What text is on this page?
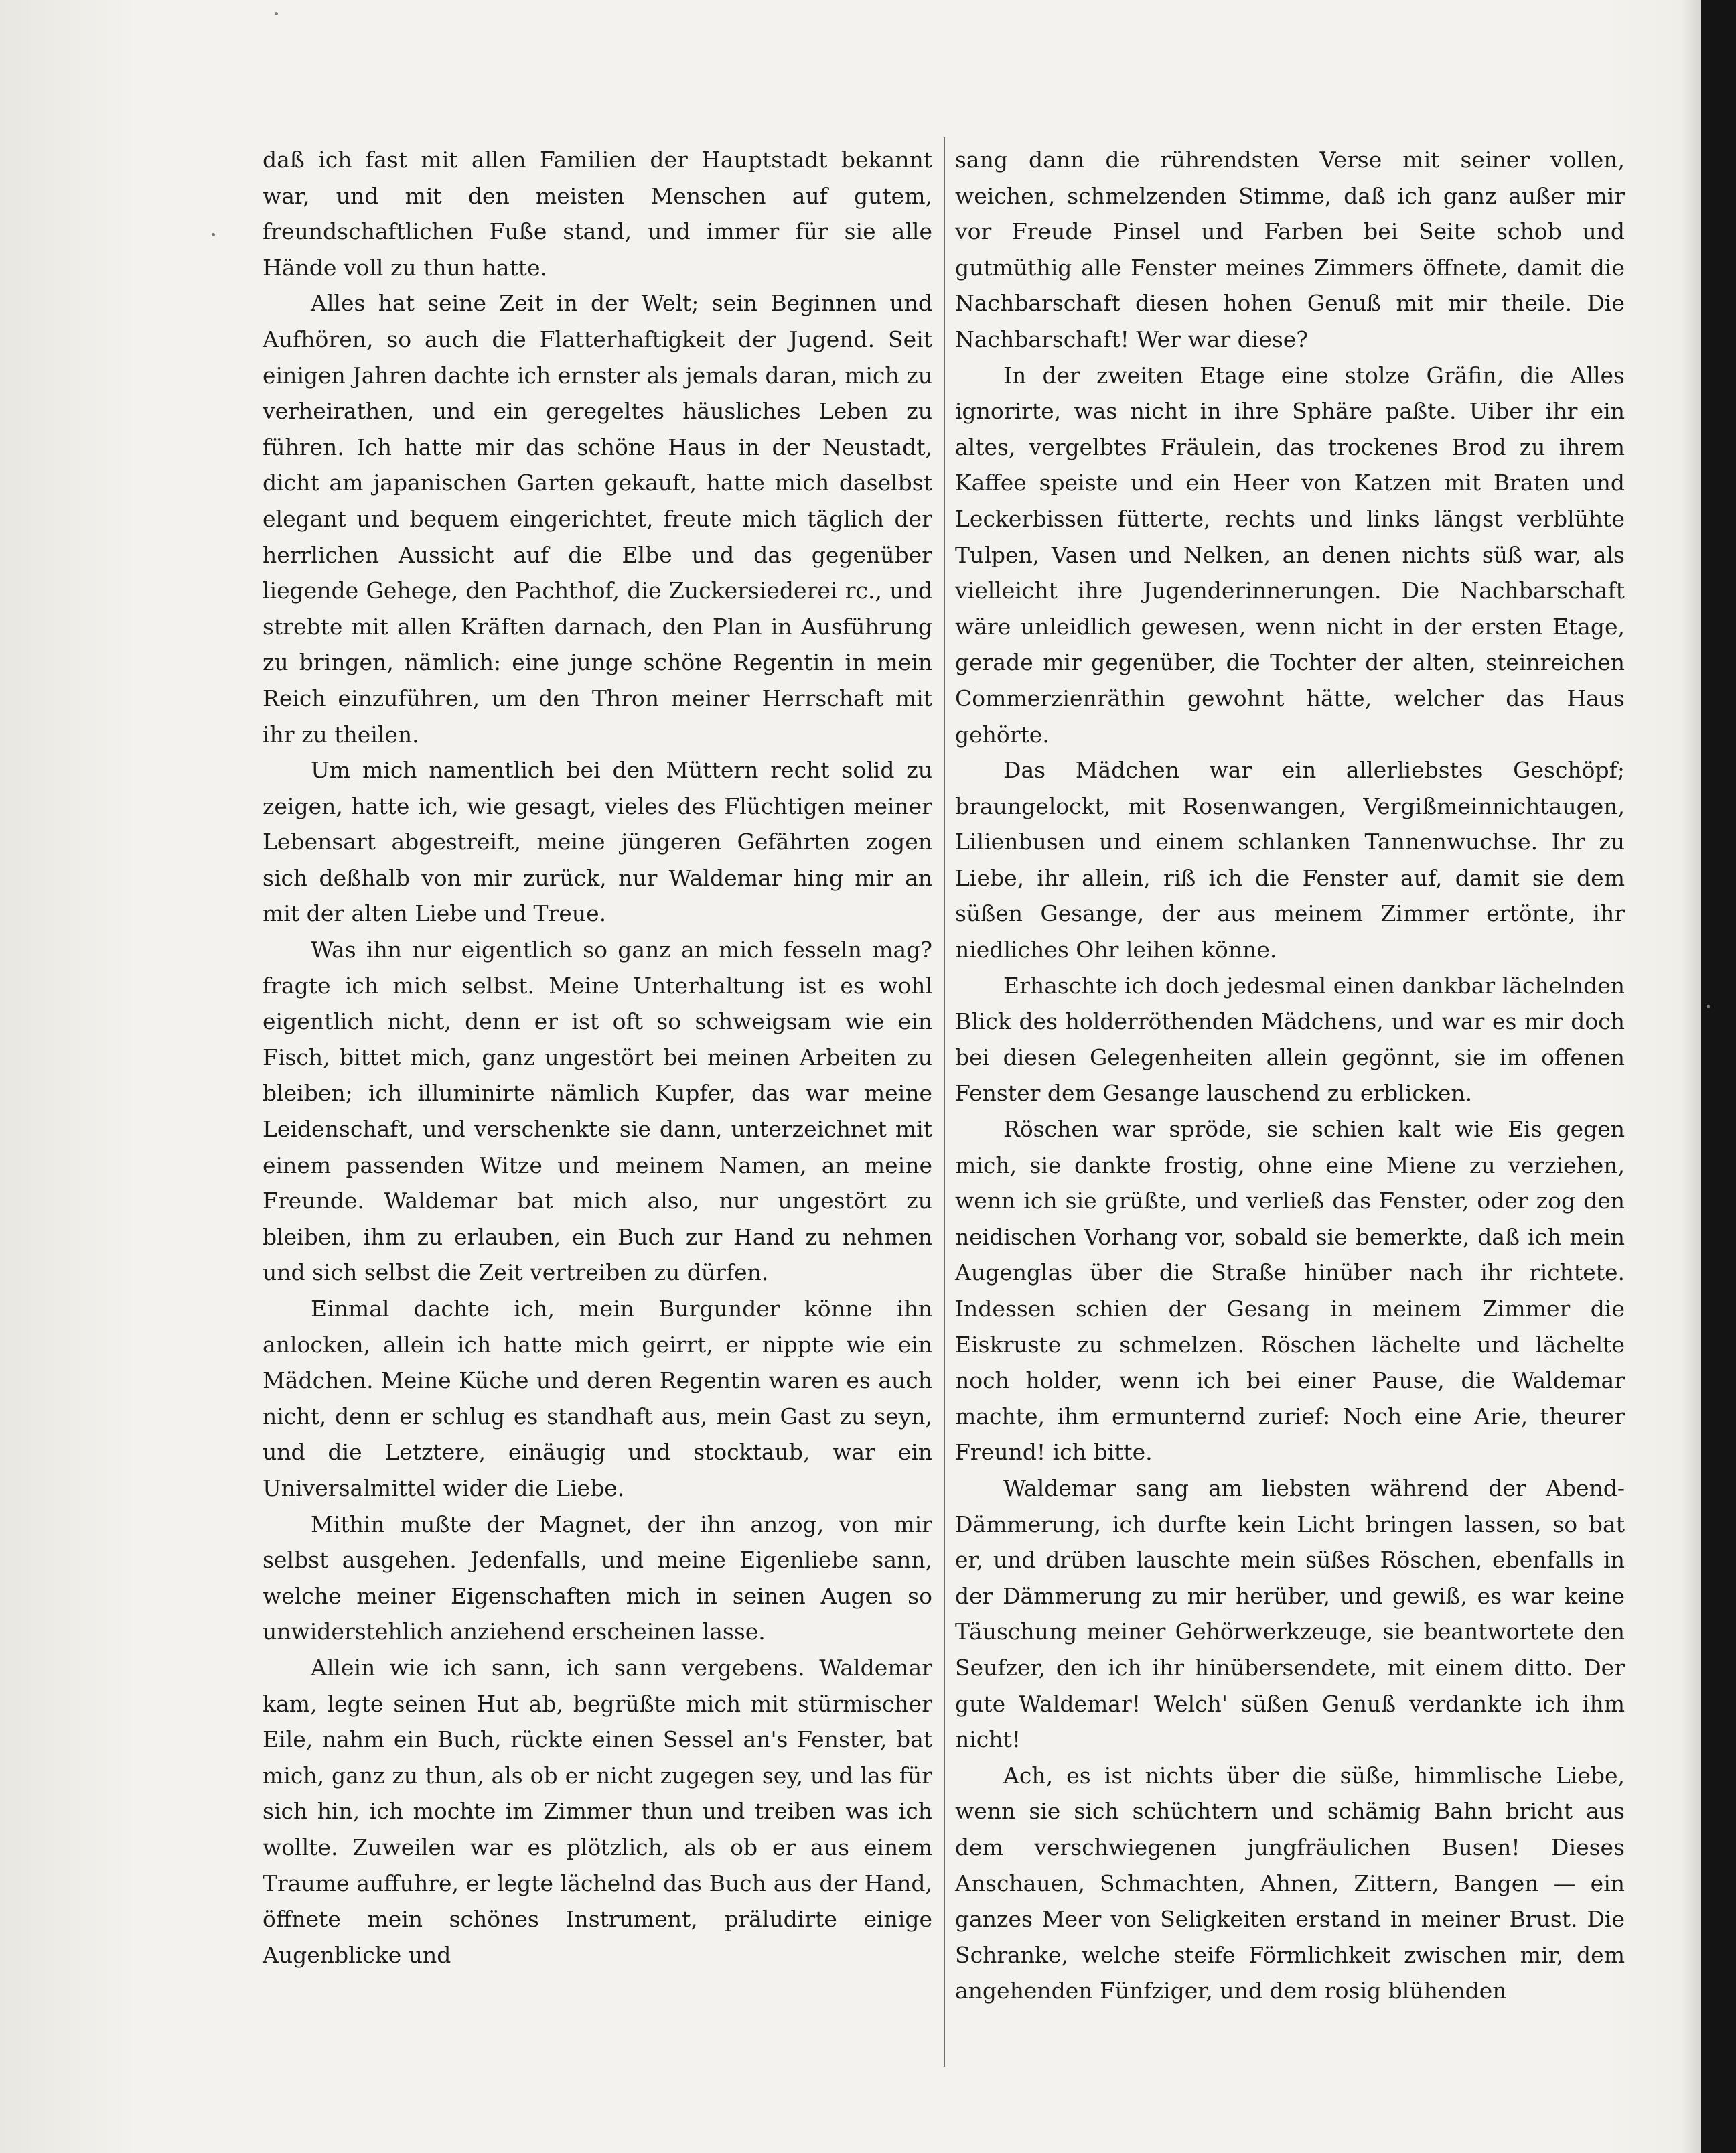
daß ich fast mit allen Familien der Hauptstadt bekannt war, und mit den meisten Menschen auf gutem, freundschaftlichen Fuße stand, und immer für sie alle Hände voll zu thun hatte.

Alles hat seine Zeit in der Welt; sein Beginnen und Aufhören, so auch die Flatterhaftigkeit der Jugend. Seit einigen Jahren dachte ich ernster als jemals daran, mich zu verheirathen, und ein geregeltes häusliches Leben zu führen. Ich hatte mir das schöne Haus in der Neustadt, dicht am japanischen Garten gekauft, hatte mich daselbst elegant und bequem eingerichtet, freute mich täglich der herrlichen Aussicht auf die Elbe und das gegenüber liegende Gehege, den Pachthof, die Zuckersiederei rc., und strebte mit allen Kräften darnach, den Plan in Ausführung zu bringen, nämlich: eine junge schöne Regentin in mein Reich einzuführen, um den Thron meiner Herrschaft mit ihr zu theilen.

Um mich namentlich bei den Müttern recht solid zu zeigen, hatte ich, wie gesagt, vieles des Flüchtigen meiner Lebensart abgestreift, meine jüngeren Gefährten zogen sich deßhalb von mir zurück, nur Waldemar hing mir an mit der alten Liebe und Treue.

Was ihn nur eigentlich so ganz an mich fesseln mag? fragte ich mich selbst. Meine Unterhaltung ist es wohl eigentlich nicht, denn er ist oft so schweigsam wie ein Fisch, bittet mich, ganz ungestört bei meinen Arbeiten zu bleiben; ich illuminirte nämlich Kupfer, das war meine Leidenschaft, und verschenkte sie dann, unterzeichnet mit einem passenden Witze und meinem Namen, an meine Freunde. Waldemar bat mich also, nur ungestört zu bleiben, ihm zu erlauben, ein Buch zur Hand zu nehmen und sich selbst die Zeit vertreiben zu dürfen.

Einmal dachte ich, mein Burgunder könne ihn anlocken, allein ich hatte mich geirrt, er nippte wie ein Mädchen. Meine Küche und deren Regentin waren es auch nicht, denn er schlug es standhaft aus, mein Gast zu seyn, und die Letztere, einäugig und stocktaub, war ein Universalmittel wider die Liebe.

Mithin mußte der Magnet, der ihn anzog, von mir selbst ausgehen. Jedenfalls, und meine Eigenliebe sann, welche meiner Eigenschaften mich in seinen Augen so unwiderstehlich anziehend erscheinen lasse.

Allein wie ich sann, ich sann vergebens. Waldemar kam, legte seinen Hut ab, begrüßte mich mit stürmischer Eile, nahm ein Buch, rückte einen Sessel an's Fenster, bat mich, ganz zu thun, als ob er nicht zugegen sey, und las für sich hin, ich mochte im Zimmer thun und treiben was ich wollte. Zuweilen war es plötzlich, als ob er aus einem Traume auffuhre, er legte lächelnd das Buch aus der Hand, öffnete mein schönes Instrument, präludirte einige Augenblicke und

sang dann die rührendsten Verse mit seiner vollen, weichen, schmelzenden Stimme, daß ich ganz außer mir vor Freude Pinsel und Farben bei Seite schob und gutmüthig alle Fenster meines Zimmers öffnete, damit die Nachbarschaft diesen hohen Genuß mit mir theile. Die Nachbarschaft! Wer war diese?

In der zweiten Etage eine stolze Gräfin, die Alles ignorirte, was nicht in ihre Sphäre paßte. Uiber ihr ein altes, vergelbtes Fräulein, das trockenes Brod zu ihrem Kaffee speiste und ein Heer von Katzen mit Braten und Leckerbissen fütterte, rechts und links längst verblühte Tulpen, Vasen und Nelken, an denen nichts süß war, als vielleicht ihre Jugenderinnerungen. Die Nachbarschaft wäre unleidlich gewesen, wenn nicht in der ersten Etage, gerade mir gegenüber, die Tochter der alten, steinreichen Commerzienräthin gewohnt hätte, welcher das Haus gehörte.

Das Mädchen war ein allerliebstes Geschöpf; braungelockt, mit Rosenwangen, Vergißmeinnichtaugen, Lilienbusen und einem schlanken Tannenwuchse. Ihr zu Liebe, ihr allein, riß ich die Fenster auf, damit sie dem süßen Gesange, der aus meinem Zimmer ertönte, ihr niedliches Ohr leihen könne.

Erhaschte ich doch jedesmal einen dankbar lächelnden Blick des holderröthenden Mädchens, und war es mir doch bei diesen Gelegenheiten allein gegönnt, sie im offenen Fenster dem Gesange lauschend zu erblicken.

Röschen war spröde, sie schien kalt wie Eis gegen mich, sie dankte frostig, ohne eine Miene zu verziehen, wenn ich sie grüßte, und verließ das Fenster, oder zog den neidischen Vorhang vor, sobald sie bemerkte, daß ich mein Augenglas über die Straße hinüber nach ihr richtete. Indessen schien der Gesang in meinem Zimmer die Eiskruste zu schmelzen. Röschen lächelte und lächelte noch holder, wenn ich bei einer Pause, die Waldemar machte, ihm ermunternd zurief: Noch eine Arie, theurer Freund! ich bitte.

Waldemar sang am liebsten während der Abend-Dämmerung, ich durfte kein Licht bringen lassen, so bat er, und drüben lauschte mein süßes Röschen, ebenfalls in der Dämmerung zu mir herüber, und gewiß, es war keine Täuschung meiner Gehörwerkzeuge, sie beantwortete den Seufzer, den ich ihr hinübersendete, mit einem ditto. Der gute Waldemar! Welch' süßen Genuß verdankte ich ihm nicht!

Ach, es ist nichts über die süße, himmlische Liebe, wenn sie sich schüchtern und schämig Bahn bricht aus dem verschwiegenen jungfräulichen Busen! Dieses Anschauen, Schmachten, Ahnen, Zittern, Bangen — ein ganzes Meer von Seligkeiten erstand in meiner Brust. Die Schranke, welche steife Förmlichkeit zwischen mir, dem angehenden Fünfziger, und dem rosig blühenden
